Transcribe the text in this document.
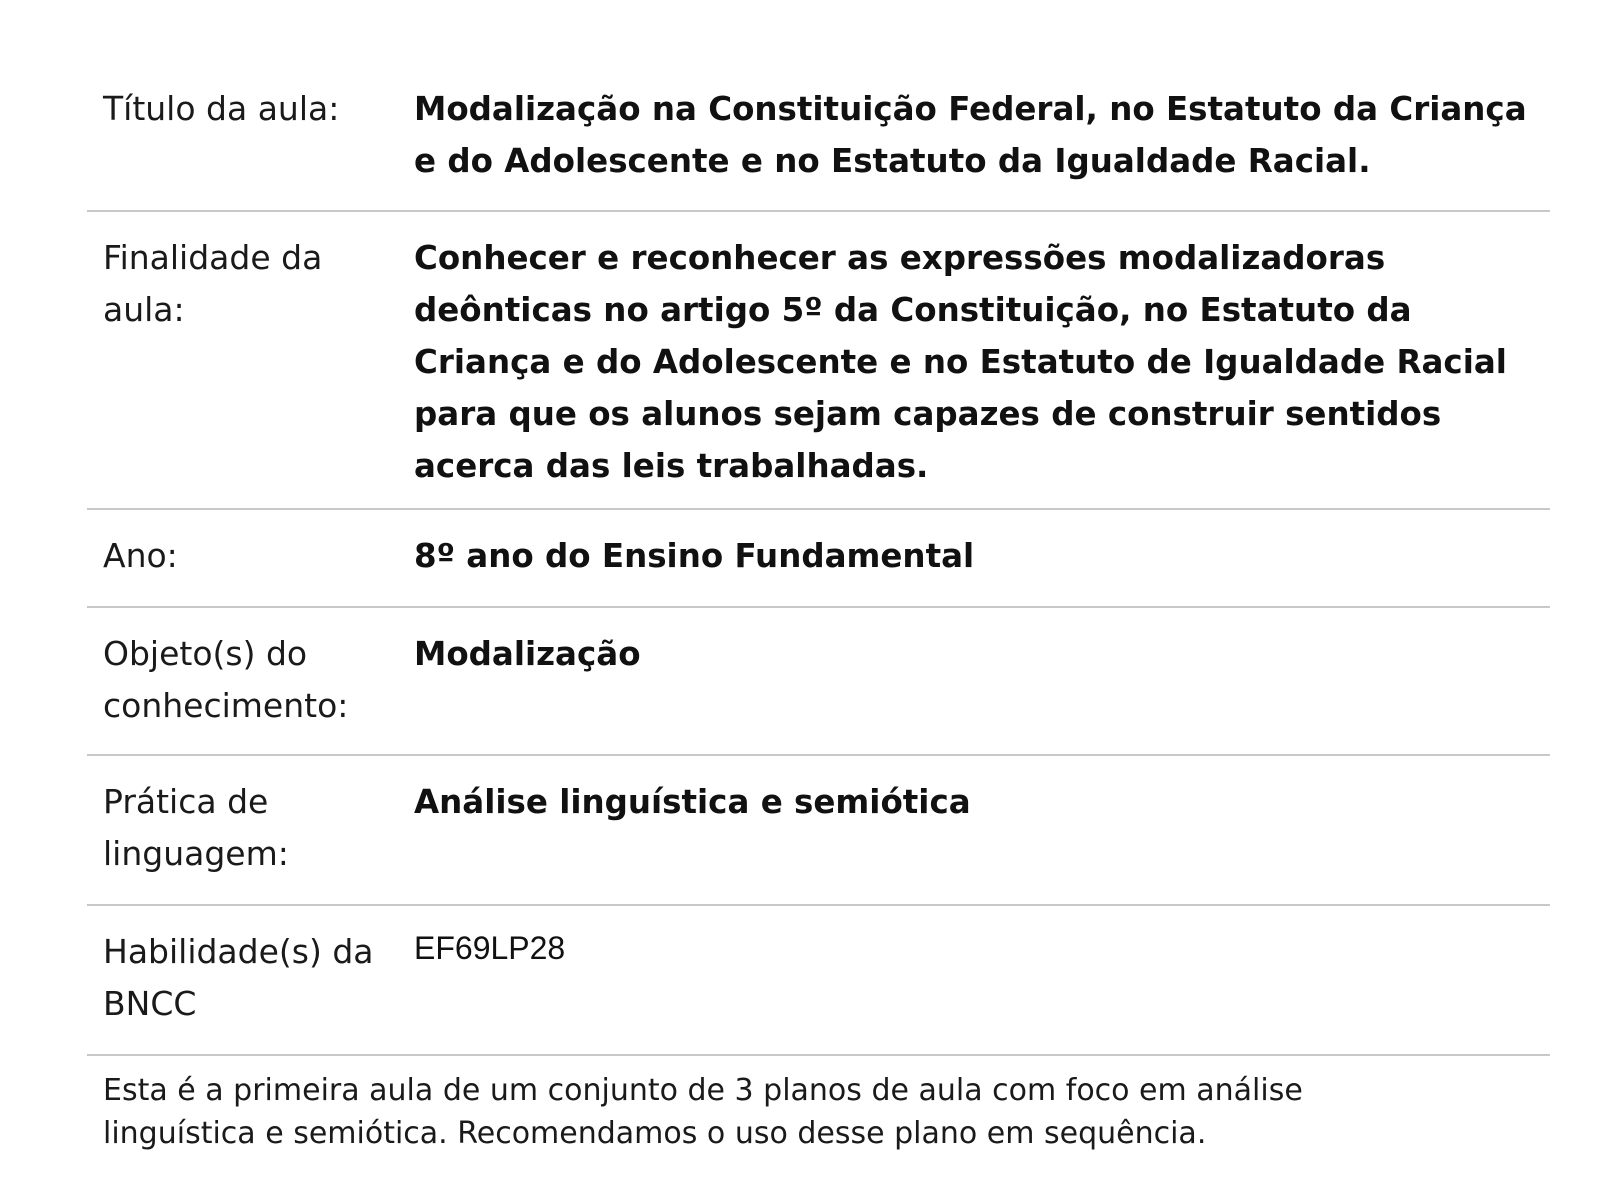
Título da aula:	Modalização na Constituição Federal, no Estatuto da Criança e do Adolescente e no Estatuto da Igualdade Racial.
Finalidade da aula:
Conhecer e reconhecer as expressões modalizadoras deônticas no artigo 5º da Constituição, no Estatuto da Criança e do Adolescente e no Estatuto de Igualdade Racial para que os alunos sejam capazes de construir sentidos acerca das leis trabalhadas.
Ano:	8º ano do Ensino Fundamental
Objeto(s) do conhecimento:
Modalização
Prática de linguagem:
Análise linguística e semiótica
Habilidade(s) da BNCC
EF69LP28
Esta é a primeira aula de um conjunto de 3 planos de aula com foco em análise linguística e semiótica. Recomendamos o uso desse plano em sequência.
